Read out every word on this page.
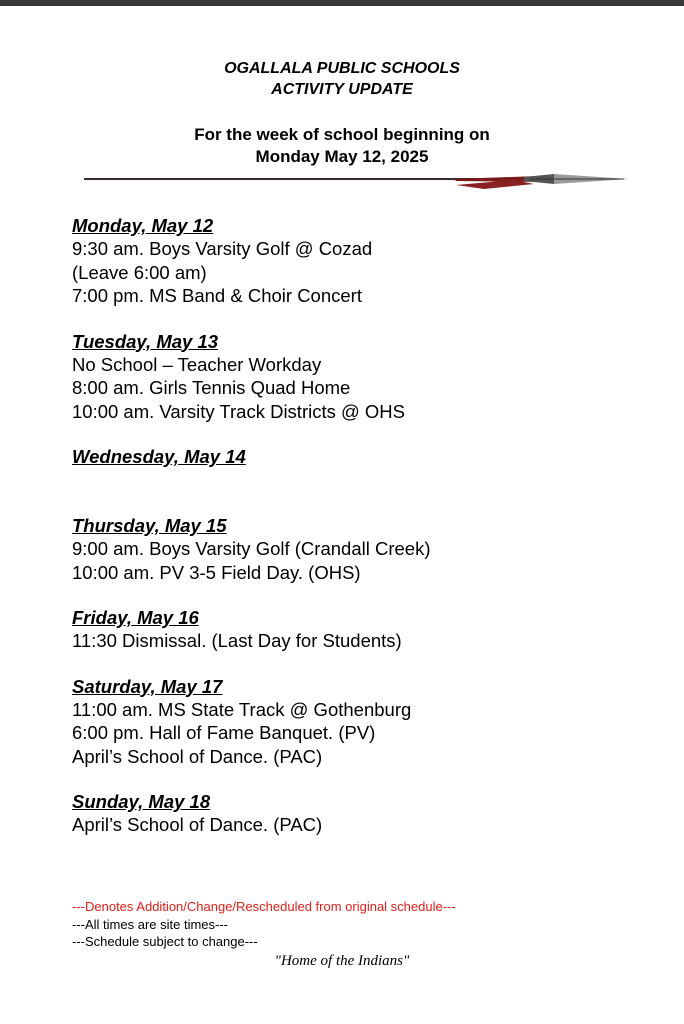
OGALLALA PUBLIC SCHOOLS
ACTIVITY UPDATE
For the week of school beginning on
Monday May 12, 2025
Monday, May 12
9:30 am. Boys Varsity Golf @ Cozad
(Leave 6:00 am)
7:00 pm. MS Band & Choir Concert
Tuesday, May 13
No School – Teacher Workday
8:00 am. Girls Tennis Quad Home
10:00 am. Varsity Track Districts @ OHS
Wednesday, May 14
Thursday, May 15
9:00 am. Boys Varsity Golf (Crandall Creek)
10:00 am. PV 3-5 Field Day. (OHS)
Friday, May 16
11:30 Dismissal. (Last Day for Students)
Saturday, May 17
11:00 am. MS State Track @ Gothenburg
6:00 pm. Hall of Fame Banquet. (PV)
April’s School of Dance. (PAC)
Sunday, May 18
April’s School of Dance. (PAC)
---Denotes Addition/Change/Rescheduled from original schedule---
---All times are site times---
---Schedule subject to change---
"Home of the Indians"
